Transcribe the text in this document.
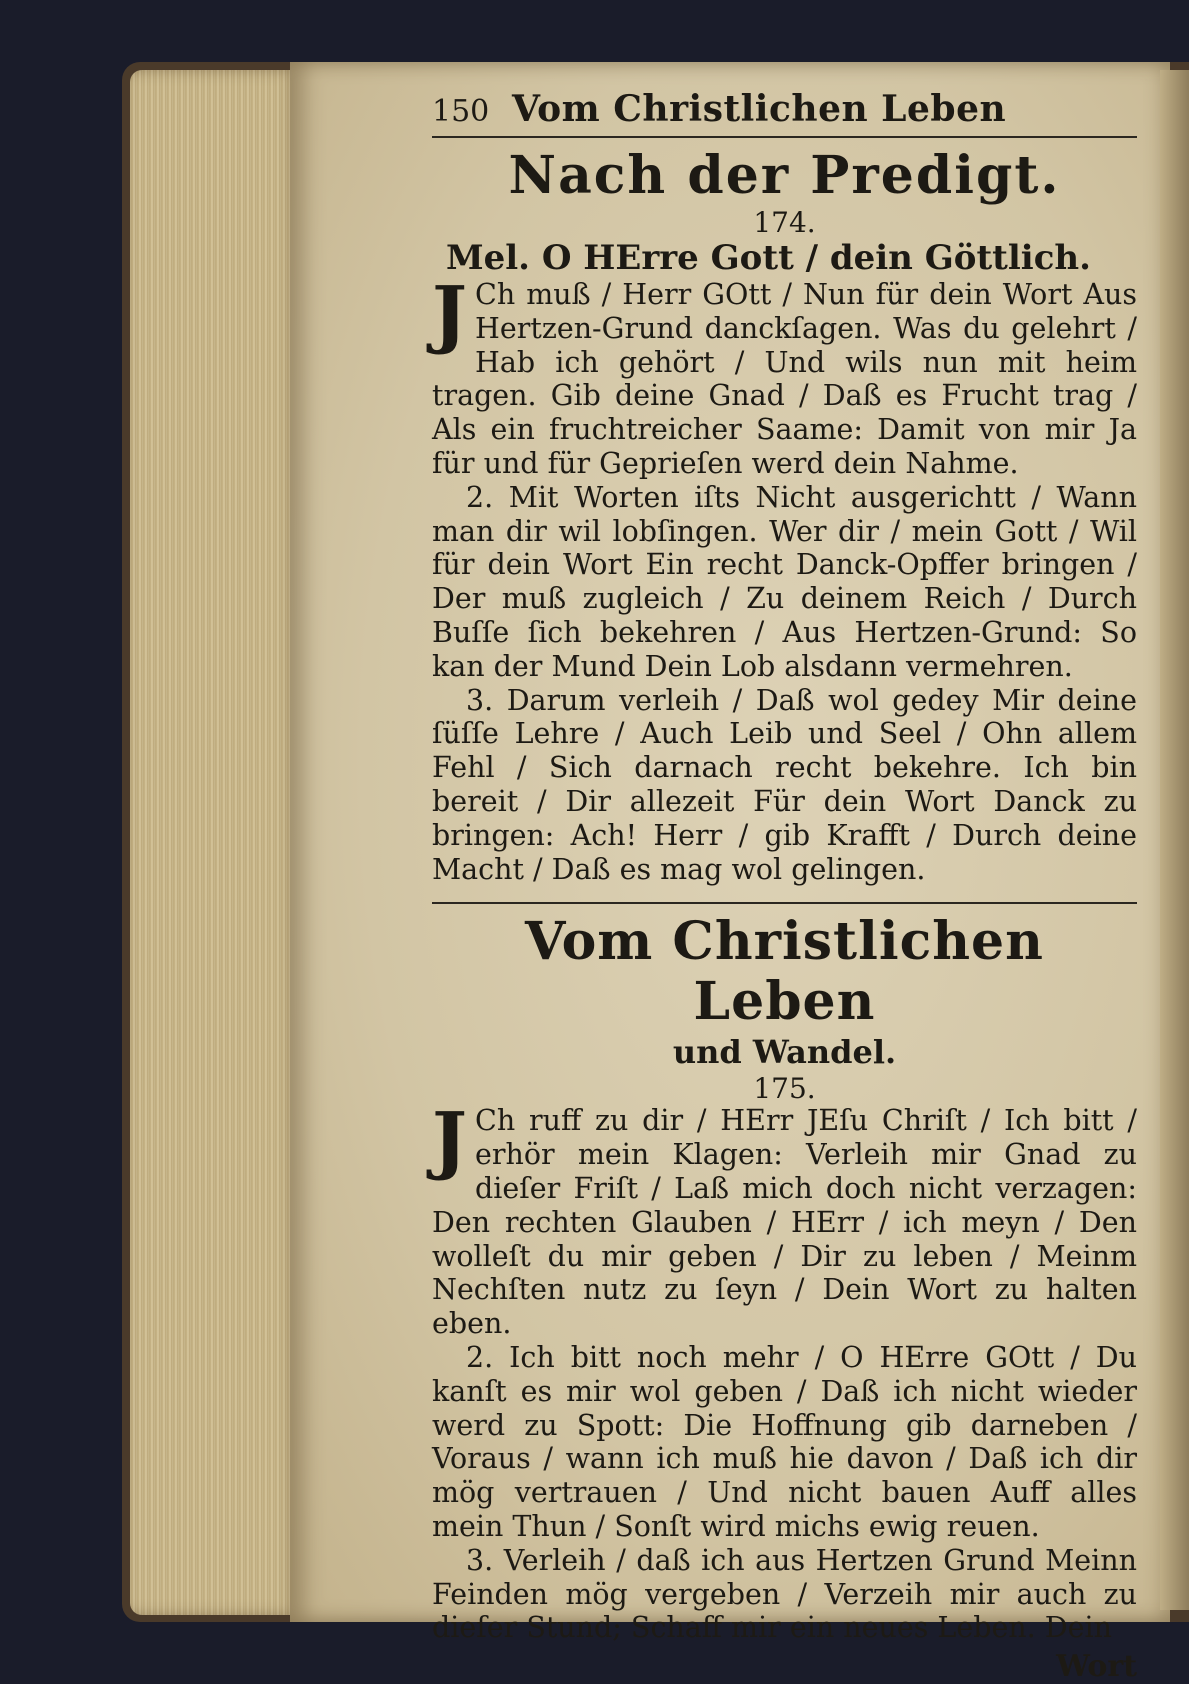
150 Vom Christlichen Leben
Nach der Predigt.
174.
Mel. O HErre Gott / dein Göttlich.

J Ch muß / Herr GOtt / Nun für dein Wort Aus Hertzen-Grund danckſagen. Was du gelehrt / Hab ich gehört / Und wils nun mit heim tragen. Gib deine Gnad / Daß es Frucht trag / Als ein fruchtreicher Saame: Damit von mir Ja für und für Geprieſen werd dein Nahme.

2. Mit Worten iſts Nicht ausgerichtt / Wann man dir wil lobſingen. Wer dir / mein Gott / Wil für dein Wort Ein recht Danck-Opffer bringen / Der muß zugleich / Zu deinem Reich / Durch Buſſe ſich bekehren / Aus Hertzen-Grund: So kan der Mund Dein Lob alsdann vermehren.

3. Darum verleih / Daß wol gedey Mir deine ſüſſe Lehre / Auch Leib und Seel / Ohn allem Fehl / Sich darnach recht bekehre. Ich bin bereit / Dir allezeit Für dein Wort Danck zu bringen: Ach! Herr / gib Krafft / Durch deine Macht / Daß es mag wol gelingen.

Vom Christlichen Leben
und Wandel.
175.

J Ch ruff zu dir / HErr JEſu Chriſt / Ich bitt / erhör mein Klagen: Verleih mir Gnad zu dieſer Friſt / Laß mich doch nicht verzagen: Den rechten Glauben / HErr / ich meyn / Den wolleſt du mir geben / Dir zu leben / Meinm Nechſten nutz zu ſeyn / Dein Wort zu halten eben.

2. Ich bitt noch mehr / O HErre GOtt / Du kanſt es mir wol geben / Daß ich nicht wieder werd zu Spott: Die Hoffnung gib darneben / Voraus / wann ich muß hie davon / Daß ich dir mög vertrauen / Und nicht bauen Auff alles mein Thun / Sonſt wird michs ewig reuen.

3. Verleih / daß ich aus Hertzen Grund Meinn Feinden mög vergeben / Verzeih mir auch zu dieſer Stund; Schaff mir ein neues Leben. Dein

Wort
